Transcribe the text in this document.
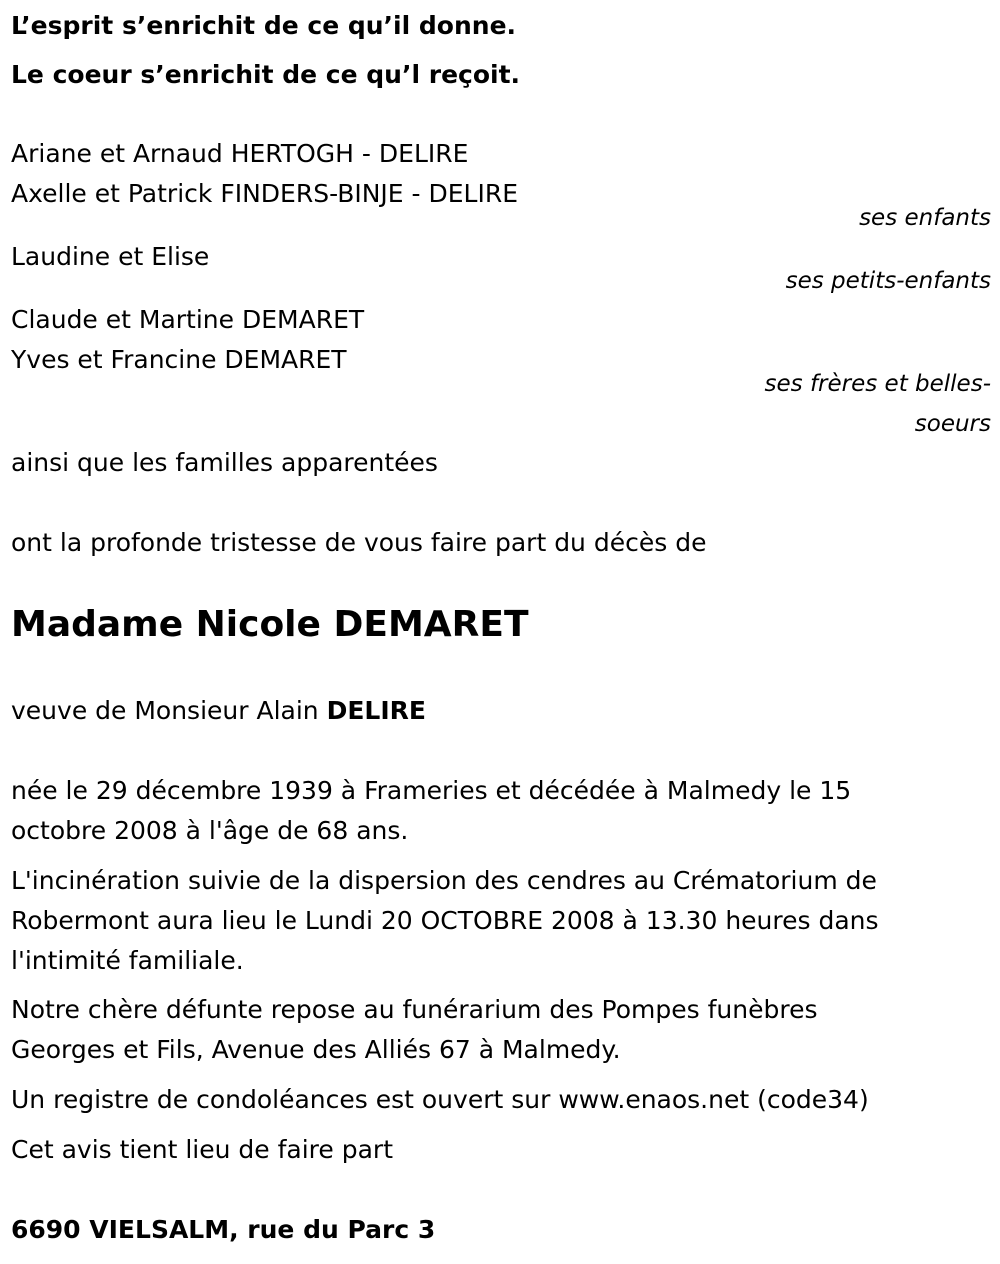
L’esprit s’enrichit de ce qu’il donne.

Le coeur s’enrichit de ce qu’l reçoit.

Ariane et Arnaud HERTOGH - DELIRE

Axelle et Patrick FINDERS-BINJE - DELIRE

ses enfants

Laudine et Elise

ses petits-enfants

Claude et Martine DEMARET

Yves et Francine DEMARET

ses frères et belles-

soeurs

ainsi que les familles apparentées

ont la profonde tristesse de vous faire part du décès de

Madame Nicole DEMARET

veuve de Monsieur Alain DELIRE

née le 29 décembre 1939 à Frameries et décédée à Malmedy le 15

octobre 2008 à l'âge de 68 ans.

L'incinération suivie de la dispersion des cendres au Crématorium de

Robermont aura lieu le Lundi 20 OCTOBRE 2008 à 13.30 heures dans

l'intimité familiale.

Notre chère défunte repose au funérarium des Pompes funèbres

Georges et Fils, Avenue des Alliés 67 à Malmedy.

Un registre de condoléances est ouvert sur www.enaos.net (code34)

Cet avis tient lieu de faire part

6690 VIELSALM, rue du Parc 3
